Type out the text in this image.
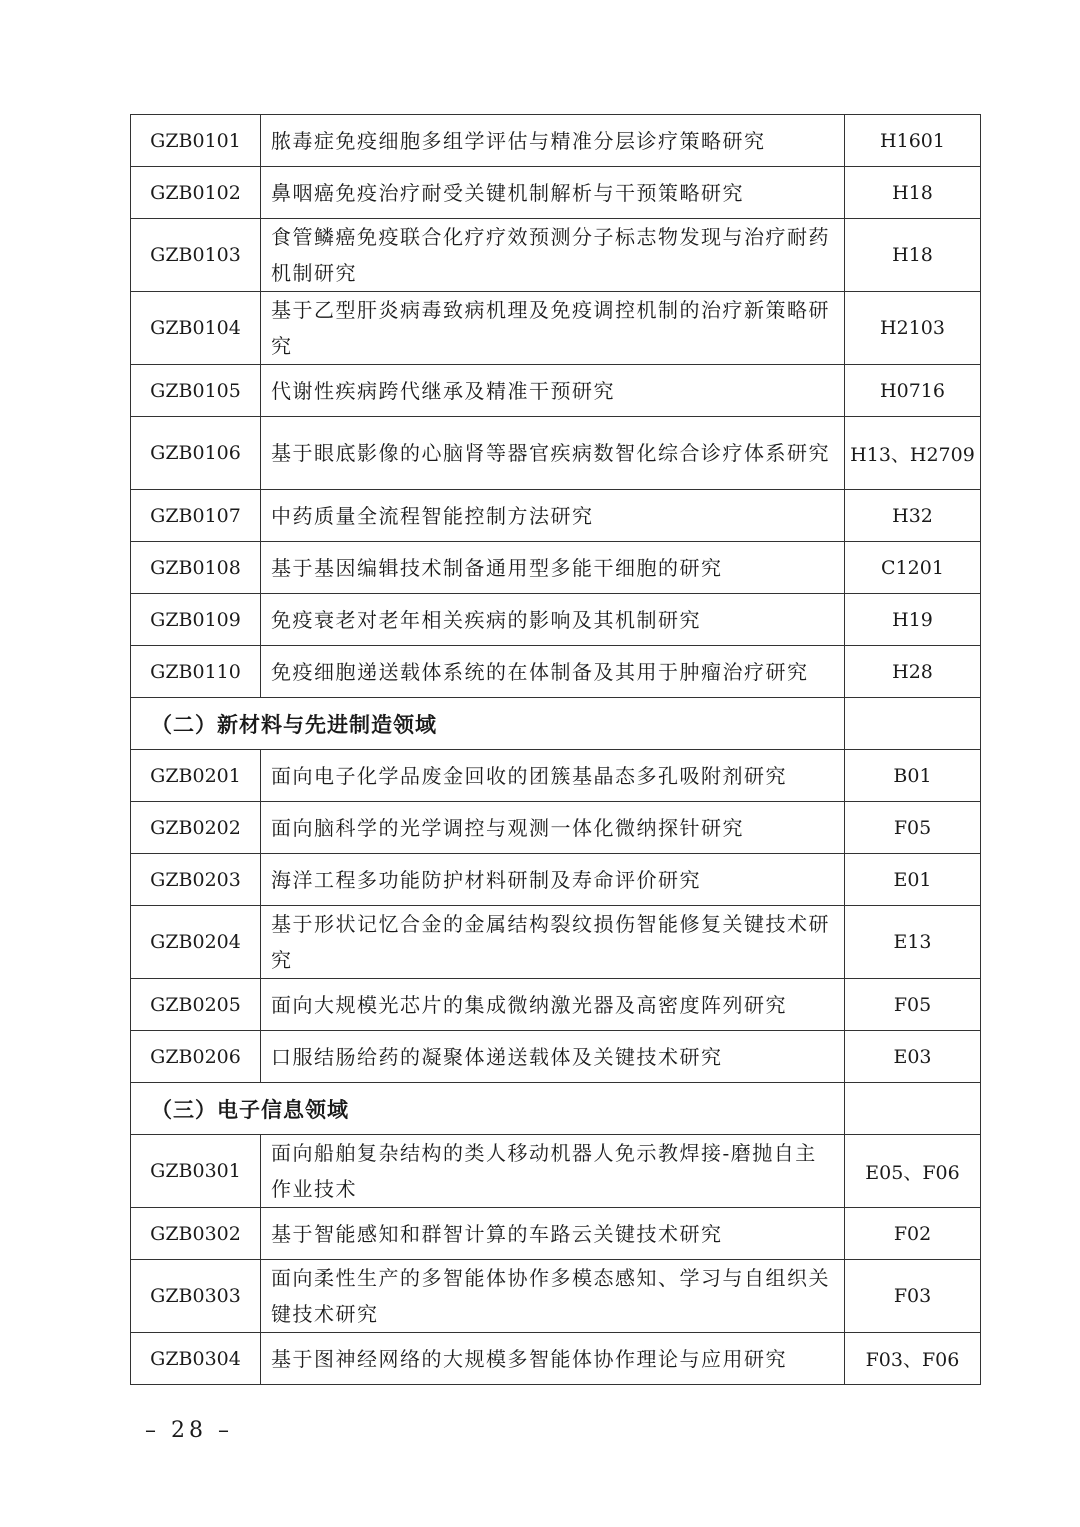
GZB0101	脓毒症免疫细胞多组学评估与精准分层诊疗策略研究	H1601
GZB0102	鼻咽癌免疫治疗耐受关键机制解析与干预策略研究	H18
GZB0103	食管鳞癌免疫联合化疗疗效预测分子标志物发现与治疗耐药机制研究	H18
GZB0104	基于乙型肝炎病毒致病机理及免疫调控机制的治疗新策略研究	H2103
GZB0105	代谢性疾病跨代继承及精准干预研究	H0716
GZB0106	基于眼底影像的心脑肾等器官疾病数智化综合诊疗体系研究	H13、H2709
GZB0107	中药质量全流程智能控制方法研究	H32
GZB0108	基于基因编辑技术制备通用型多能干细胞的研究	C1201
GZB0109	免疫衰老对老年相关疾病的影响及其机制研究	H19
GZB0110	免疫细胞递送载体系统的在体制备及其用于肿瘤治疗研究	H28
（二）新材料与先进制造领域		
GZB0201	面向电子化学品废金回收的团簇基晶态多孔吸附剂研究	B01
GZB0202	面向脑科学的光学调控与观测一体化微纳探针研究	F05
GZB0203	海洋工程多功能防护材料研制及寿命评价研究	E01
GZB0204	基于形状记忆合金的金属结构裂纹损伤智能修复关键技术研究	E13
GZB0205	面向大规模光芯片的集成微纳激光器及高密度阵列研究	F05
GZB0206	口服结肠给药的凝聚体递送载体及关键技术研究	E03
（三）电子信息领域		
GZB0301	面向船舶复杂结构的类人移动机器人免示教焊接-磨抛自主作业技术	E05、F06
GZB0302	基于智能感知和群智计算的车路云关键技术研究	F02
GZB0303	面向柔性生产的多智能体协作多模态感知、学习与自组织关键技术研究	F03
GZB0304	基于图神经网络的大规模多智能体协作理论与应用研究	F03、F06
– 28 –
